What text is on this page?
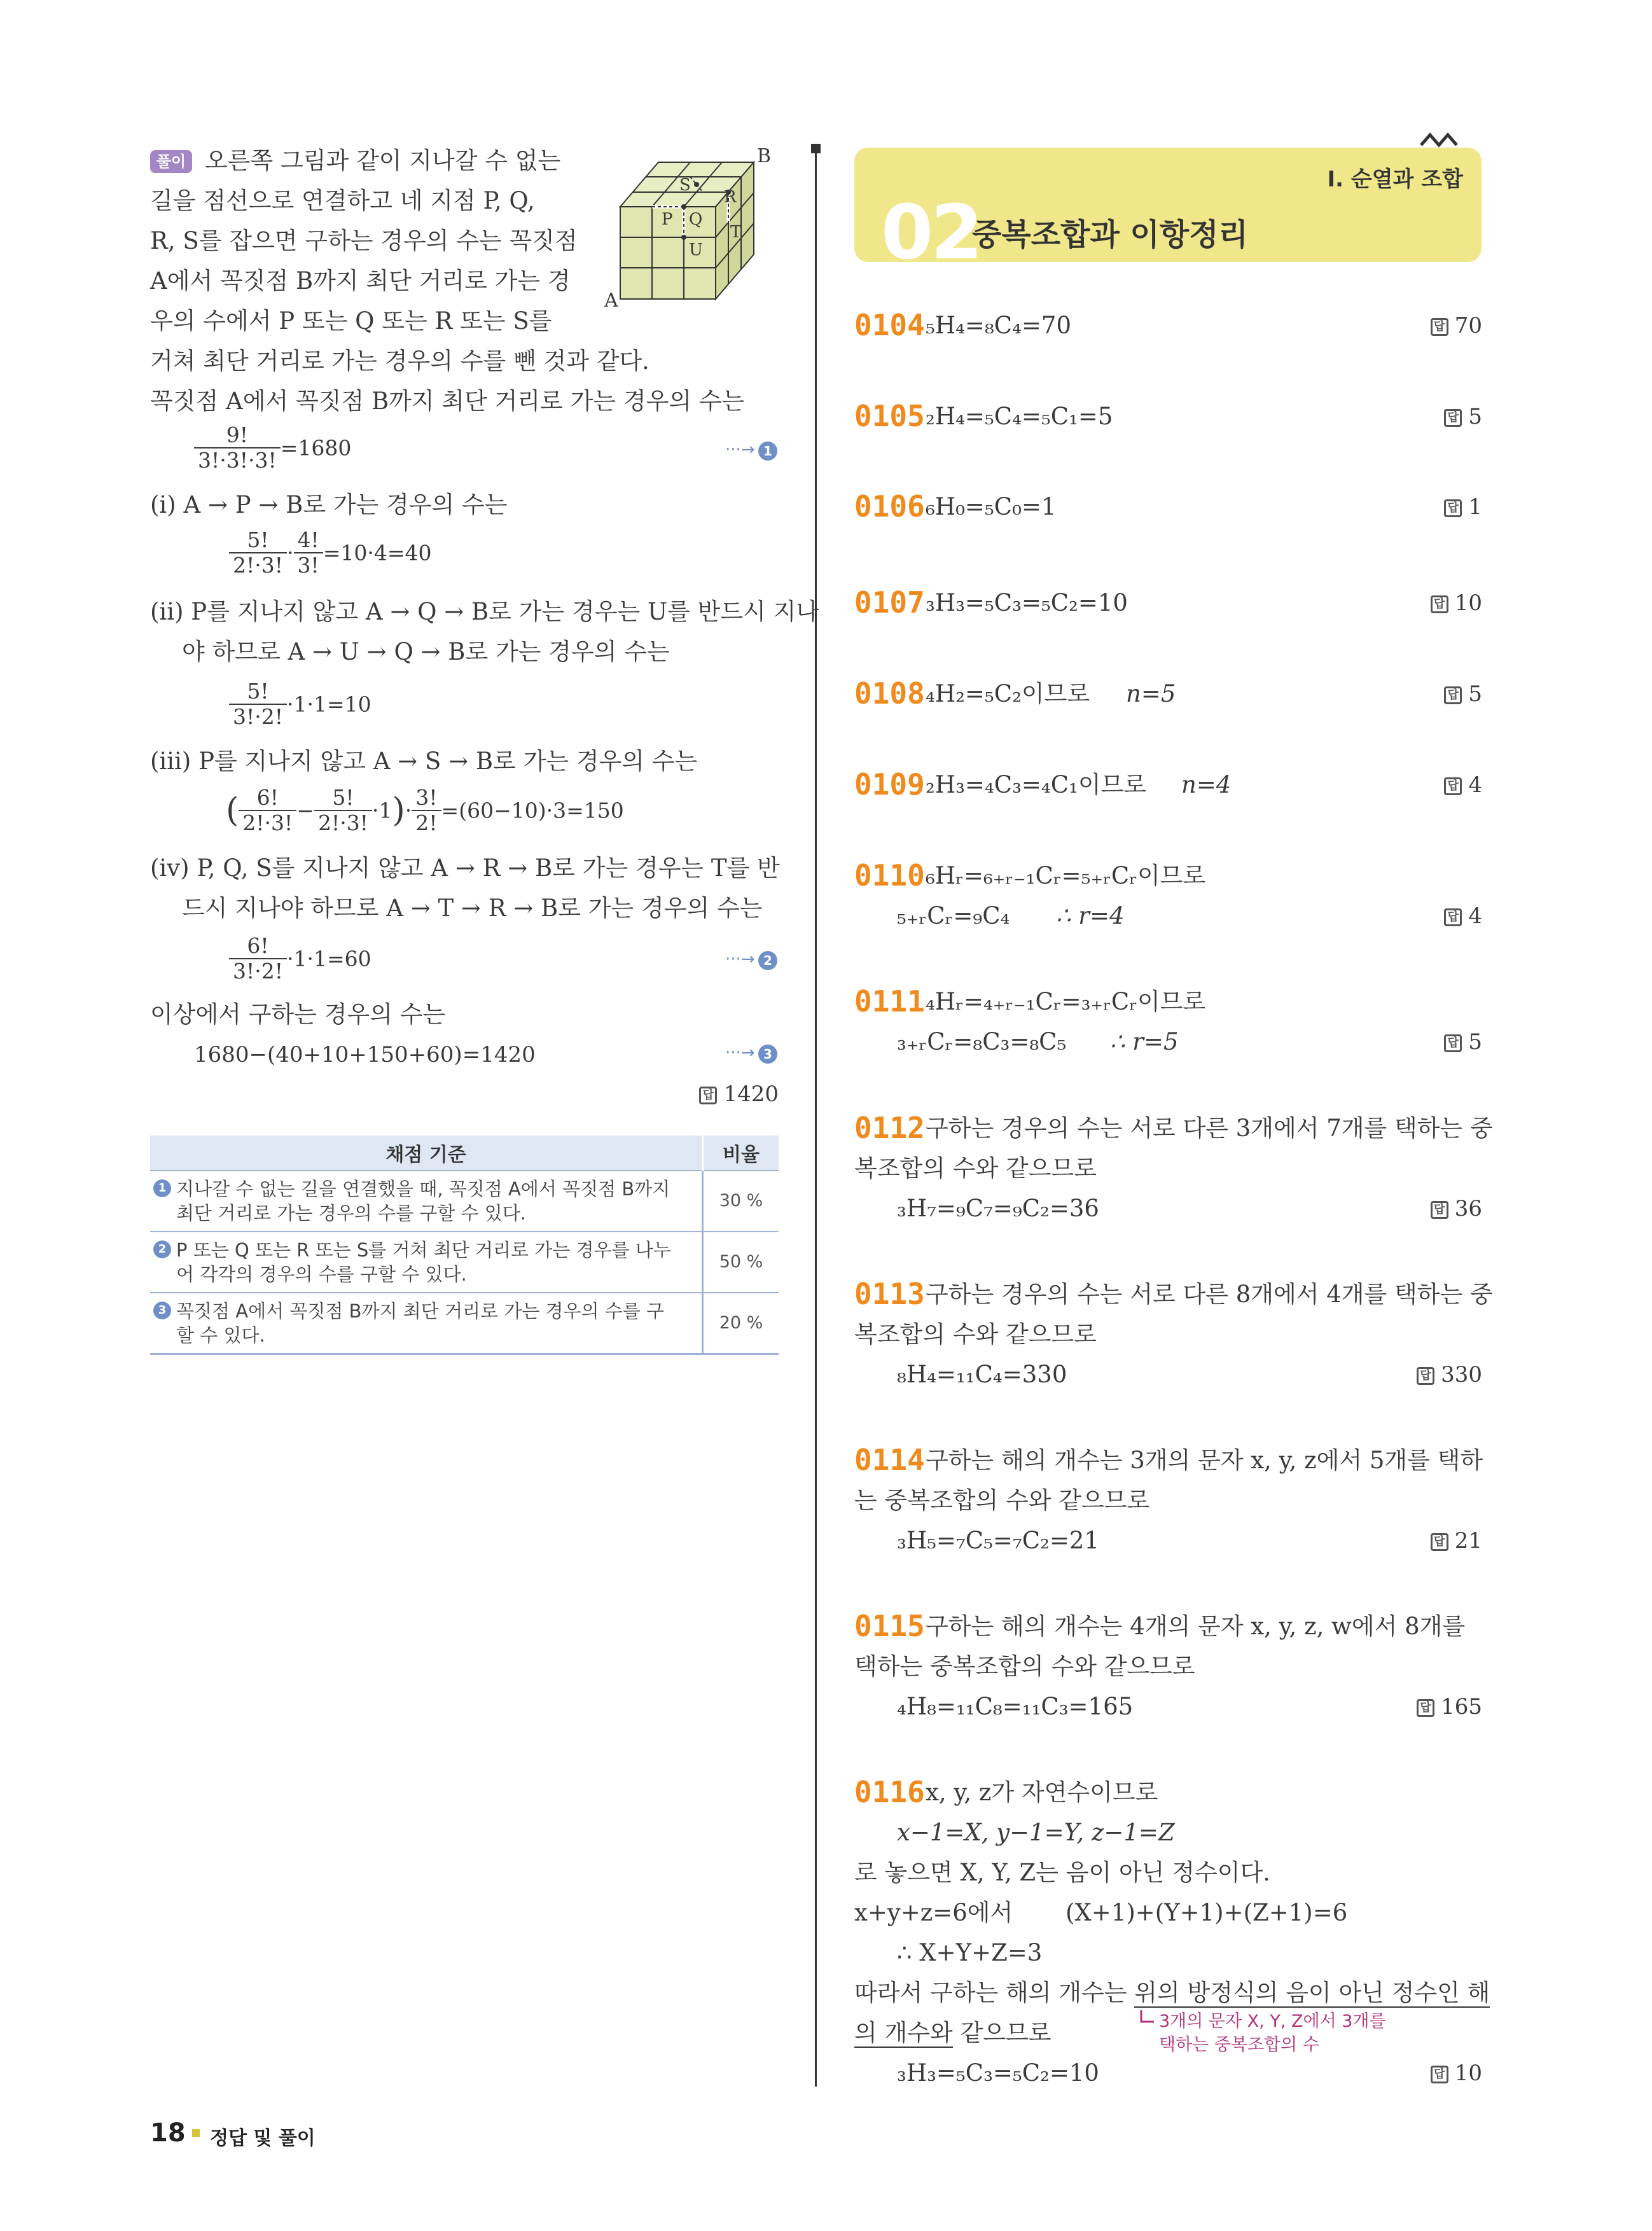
I. 순열과 조합
02
중복조합과 이항정리
풀이 오른쪽 그림과 같이 지나갈 수 없는
길을 점선으로 연결하고 네 지점 P, Q,
R, S를 잡으면 구하는 경우의 수는 꼭짓점
A에서 꼭짓점 B까지 최단 거리로 가는 경
우의 수에서 P 또는 Q 또는 R 또는 S를
거쳐 최단 거리로 가는 경우의 수를 뺀 것과 같다.
B
A
S
R
P Q
T
U
꼭짓점 A에서 꼭짓점 B까지 최단 거리로 가는 경우의 수는
$\frac{9!}{3!\cdot 3!\cdot 3!} =1680$	···→ 1
(ⅰ) A → P → B로 가는 경우의 수는
$\frac{5!}{2!\cdot 3!} \cdot \frac{4!}{3!} =10\cdot 4=40$
(ⅱ) P를 지나지 않고 A → Q → B로 가는 경우는 U를 반드시 지나
야 하므로 A → U → Q → B로 가는 경우의 수는
$\frac{5!}{3!\cdot 2!} \cdot 1\cdot 1=10$
(ⅲ) P를 지나지 않고 A → S → B로 가는 경우의 수는
( $\frac{6!}{2!\cdot 3!} - \frac{5!}{2!\cdot 3!} \cdot 1)\cdot \frac{3!}{2!} =(60-10)\cdot 3=150$
(ⅳ) P, Q, S를 지나지 않고 A → R → B로 가는 경우는 T를 반
드시 지나야 하므로 A → T → R → B로 가는 경우의 수는
$\frac{6!}{3!\cdot 2!} \cdot 1\cdot 1=60$	···→ 2
이상에서 구하는 경우의 수는
1680−(40+10+150+60)=1420	···→ 3
답 1420
채점 기준	비율

1 지나갈 수 없는 길을 연결했을 때, 꼭짓점 A에서 꼭짓점 B까지
최단 거리로 가는 경우의 수를 구할 수 있다.	30 %

2 P 또는 Q 또는 R 또는 S를 거쳐 최단 거리로 가는 경우를 나누
어 각각의 경우의 수를 구할 수 있다.	50 %

3 꼭짓점 A에서 꼭짓점 B까지 최단 거리로 가는 경우의 수를 구
할 수 있다.	20 %
0104 ₅H₄=₈C₄=70	답 70
0105 ₂H₄=₅C₄=₅C₁=5	답 5
0106 ₆H₀=₅C₀=1	답 1
0107 ₃H₃=₅C₃=₅C₂=10	답 10
0108 ₄H₂=₅C₂이므로 n=5	답 5
0109 ₂H₃=₄C₃=₄C₁이므로 n=4	답 4
0110 ₆Hᵣ=₆₊ᵣ₋₁Cᵣ=₅₊ᵣCᵣ이므로
₅₊ᵣCᵣ=₉C₄ ∴ r=4	답 4
0111 ₄Hᵣ=₄₊ᵣ₋₁Cᵣ=₃₊ᵣCᵣ이므로
₃₊ᵣCᵣ=₈C₃=₈C₅ ∴ r=5	답 5
0112 구하는 경우의 수는 서로 다른 3개에서 7개를 택하는 중
복조합의 수와 같으므로
₃H₇=₉C₇=₉C₂=36	답 36
0113 구하는 경우의 수는 서로 다른 8개에서 4개를 택하는 중
복조합의 수와 같으므로
₈H₄=₁₁C₄=330	답 330
0114 구하는 해의 개수는 3개의 문자 x, y, z에서 5개를 택하
는 중복조합의 수와 같으므로
₃H₅=₇C₅=₇C₂=21	답 21
0115 구하는 해의 개수는 4개의 문자 x, y, z, w에서 8개를
택하는 중복조합의 수와 같으므로
₄H₈=₁₁C₈=₁₁C₃=165	답 165
0116 x, y, z가 자연수이므로
x−1=X, y−1=Y, z−1=Z
로 놓으면 X, Y, Z는 음이 아닌 정수이다.
x+y+z=6에서 (X+1)+(Y+1)+(Z+1)=6
∴ X+Y+Z=3
따라서 구하는 해의 개수는 위의 방정식의 음이 아닌 정수인 해
의 개수와 같으므로	3개의 문자 X, Y, Z에서 3개를
택하는 중복조합의 수
₃H₃=₅C₃=₅C₂=10	답 10
18 정답 및 풀이
